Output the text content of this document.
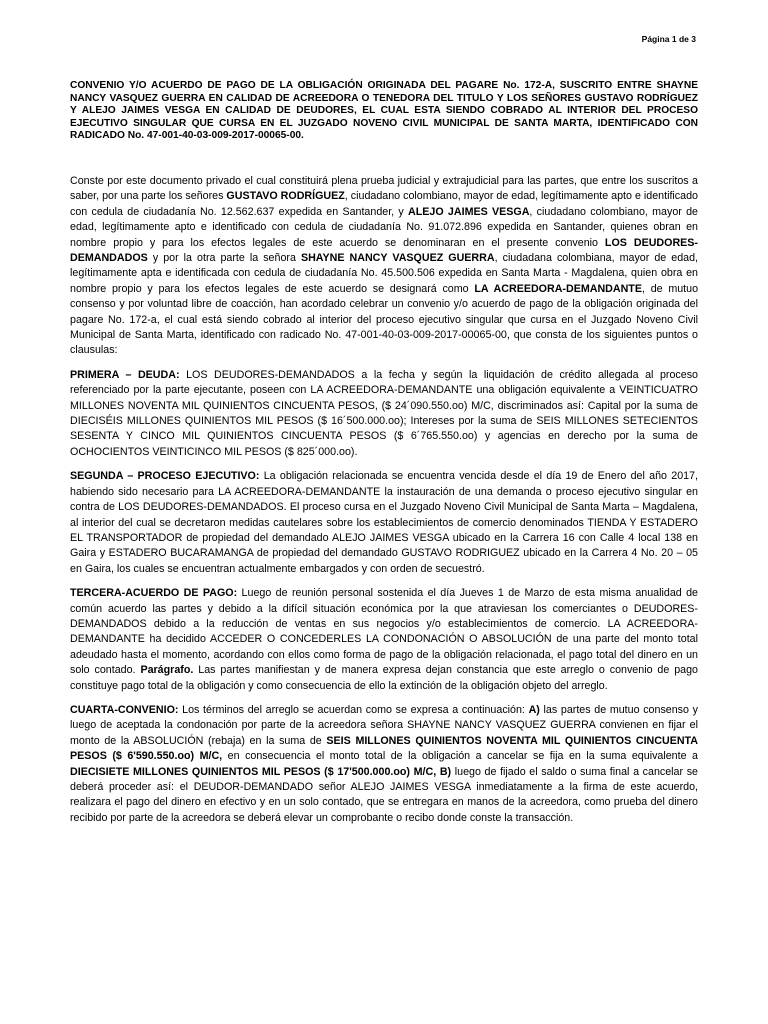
Página 1 de 3
CONVENIO Y/O ACUERDO DE PAGO DE LA OBLIGACIÓN ORIGINADA DEL PAGARE No. 172-A, SUSCRITO ENTRE SHAYNE NANCY VASQUEZ GUERRA EN CALIDAD DE ACREEDORA O TENEDORA DEL TITULO Y LOS SEÑORES GUSTAVO RODRÍGUEZ Y ALEJO JAIMES VESGA EN CALIDAD DE DEUDORES, EL CUAL ESTA SIENDO COBRADO AL INTERIOR DEL PROCESO EJECUTIVO SINGULAR QUE CURSA EN EL JUZGADO NOVENO CIVIL MUNICIPAL DE SANTA MARTA, IDENTIFICADO CON RADICADO No. 47-001-40-03-009-2017-00065-00.

Conste por este documento privado el cual constituirá plena prueba judicial y extrajudicial para las partes, que entre los suscritos a saber, por una parte los señores GUSTAVO RODRÍGUEZ, ciudadano colombiano, mayor de edad, legítimamente apto e identificado con cedula de ciudadanía No. 12.562.637 expedida en Santander, y ALEJO JAIMES VESGA, ciudadano colombiano, mayor de edad, legítimamente apto e identificado con cedula de ciudadanía No. 91.072.896 expedida en Santander, quienes obran en nombre propio y para los efectos legales de este acuerdo se denominaran en el presente convenio LOS DEUDORES-DEMANDADOS y por la otra parte la señora SHAYNE NANCY VASQUEZ GUERRA, ciudadana colombiana, mayor de edad, legítimamente apta e identificada con cedula de ciudadanía No. 45.500.506 expedida en Santa Marta - Magdalena, quien obra en nombre propio y para los efectos legales de este acuerdo se designará como LA ACREEDORA-DEMANDANTE, de mutuo consenso y por voluntad libre de coacción, han acordado celebrar un convenio y/o acuerdo de pago de la obligación originada del pagare No. 172-a, el cual está siendo cobrado al interior del proceso ejecutivo singular que cursa en el Juzgado Noveno Civil Municipal de Santa Marta, identificado con radicado No. 47-001-40-03-009-2017-00065-00, que consta de los siguientes puntos o clausulas:

PRIMERA – DEUDA: LOS DEUDORES-DEMANDADOS a la fecha y según la liquidación de crédito allegada al proceso referenciado por la parte ejecutante, poseen con LA ACREEDORA-DEMANDANTE una obligación equivalente a VEINTICUATRO MILLONES NOVENTA MIL QUINIENTOS CINCUENTA PESOS, ($ 24´090.550.oo) M/C, discriminados así: Capital por la suma de DIECISÉIS MILLONES QUINIENTOS MIL PESOS ($ 16´500.000.oo); Intereses por la suma de SEIS MILLONES SETECIENTOS SESENTA Y CINCO MIL QUINIENTOS CINCUENTA PESOS ($ 6´765.550.oo) y agencias en derecho por la suma de OCHOCIENTOS VEINTICINCO MIL PESOS ($ 825´000.oo).

SEGUNDA – PROCESO EJECUTIVO: La obligación relacionada se encuentra vencida desde el día 19 de Enero del año 2017, habiendo sido necesario para LA ACREEDORA-DEMANDANTE la instauración de una demanda o proceso ejecutivo singular en contra de LOS DEUDORES-DEMANDADOS. El proceso cursa en el Juzgado Noveno Civil Municipal de Santa Marta – Magdalena, al interior del cual se decretaron medidas cautelares sobre los establecimientos de comercio denominados TIENDA Y ESTADERO EL TRANSPORTADOR de propiedad del demandado ALEJO JAIMES VESGA ubicado en la Carrera 16 con Calle 4 local 138 en Gaira y ESTADERO BUCARAMANGA de propiedad del demandado GUSTAVO RODRIGUEZ ubicado en la Carrera 4 No. 20 – 05 en Gaira, los cuales se encuentran actualmente embargados y con orden de secuestró.

TERCERA-ACUERDO DE PAGO: Luego de reunión personal sostenida el día Jueves 1 de Marzo de esta misma anualidad de común acuerdo las partes y debido a la difícil situación económica por la que atraviesan los comerciantes o DEUDORES-DEMANDADOS debido a la reducción de ventas en sus negocios y/o establecimientos de comercio. LA ACREEDORA-DEMANDANTE ha decidido ACCEDER O CONCEDERLES LA CONDONACIÓN O ABSOLUCIÓN de una parte del monto total adeudado hasta el momento, acordando con ellos como forma de pago de la obligación relacionada, el pago total del dinero en un solo contado. Parágrafo. Las partes manifiestan y de manera expresa dejan constancia que este arreglo o convenio de pago constituye pago total de la obligación y como consecuencia de ello la extinción de la obligación objeto del arreglo.

CUARTA-CONVENIO: Los términos del arreglo se acuerdan como se expresa a continuación: A) las partes de mutuo consenso y luego de aceptada la condonación por parte de la acreedora señora SHAYNE NANCY VASQUEZ GUERRA convienen en fijar el monto de la ABSOLUCIÓN (rebaja) en la suma de SEIS MILLONES QUINIENTOS NOVENTA MIL QUINIENTOS CINCUENTA PESOS ($ 6'590.550.oo) M/C, en consecuencia el monto total de la obligación a cancelar se fija en la suma equivalente a DIECISIETE MILLONES QUINIENTOS MIL PESOS ($ 17'500.000.oo) M/C, B) luego de fijado el saldo o suma final a cancelar se deberá proceder así: el DEUDOR-DEMANDADO señor ALEJO JAIMES VESGA inmediatamente a la firma de este acuerdo, realizara el pago del dinero en efectivo y en un solo contado, que se entregara en manos de la acreedora, como prueba del dinero recibido por parte de la acreedora se deberá elevar un comprobante o recibo donde conste la transacción.
